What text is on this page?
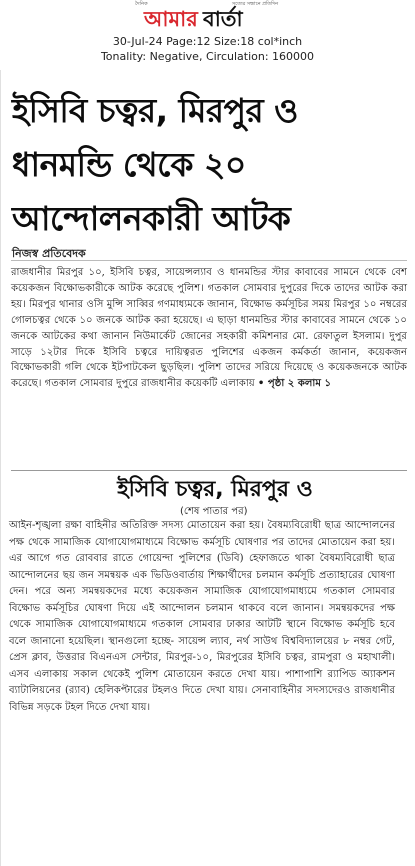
দৈনিক	সত্যের সন্ধানে প্রতিদিন
আমার বার্তা
30-Jul-24 Page:12 Size:18 col*inch
Tonality: Negative, Circulation: 160000
ইসিবি চত্বর, মিরপুর ও
ধানমন্ডি থেকে ২০
আন্দোলনকারী আটক
নিজস্ব প্রতিবেদক

রাজধানীর মিরপুর ১০, ইসিবি চত্বর, সায়েন্সল্যাব ও ধানমন্ডির স্টার কাবাবের সামনে থেকে বেশ কয়েকজন বিক্ষোভকারীকে আটক করেছে পুলিশ। গতকাল সোমবার দুপুরের দিকে তাদের আটক করা হয়। মিরপুর থানার ওসি মুন্সি সাব্বির গণমাধ্যমকে জানান, বিক্ষোভ কর্মসূচির সময় মিরপুর ১০ নম্বরের গোলচত্বর থেকে ১০ জনকে আটক করা হয়েছে। এ ছাড়া ধানমন্ডির স্টার কাবাবের সামনে থেকে ১০ জনকে আটকের কথা জানান নিউমার্কেট জোনের সহকারী কমিশনার মো. রেফাতুল ইসলাম। দুপুর সাড়ে ১২টার দিকে ইসিবি চত্বরে দায়িত্বরত পুলিশের একজন কর্মকর্তা জানান, কয়েকজন বিক্ষোভকারী গলি থেকে ইটপাটকেল ছুড়ছিল। পুলিশ তাদের সরিয়ে দিয়েছে ও কয়েকজনকে আটক করেছে। গতকাল সোমবার দুপুরে রাজধানীর কয়েকটি এলাকায় • পৃষ্ঠা ২ কলাম ১

ইসিবি চত্বর, মিরপুর ও
(শেষ পাতার পর)

আইন-শৃঙ্খলা রক্ষা বাহিনীর অতিরিক্ত সদস্য মোতায়েন করা হয়। বৈষম্যবিরোধী ছাত্র আন্দোলনের পক্ষ থেকে সামাজিক যোগাযোগমাধ্যমে বিক্ষোভ কর্মসূচি ঘোষণার পর তাদের মোতায়েন করা হয়। এর আগে গত রোববার রাতে গোয়েন্দা পুলিশের (ডিবি) হেফাজতে থাকা বৈষম্যবিরোধী ছাত্র আন্দোলনের ছয় জন সমন্বয়ক এক ভিডিওবার্তায় শিক্ষার্থীদের চলমান কর্মসূচি প্রত্যাহারের ঘোষণা দেন। পরে অন্য সমন্বয়কদের মধ্যে কয়েকজন সামাজিক যোগাযোগমাধ্যমে গতকাল সোমবার বিক্ষোভ কর্মসূচির ঘোষণা দিয়ে এই আন্দোলন চলমান থাকবে বলে জানান। সমন্বয়কদের পক্ষ থেকে সামাজিক যোগাযোগমাধ্যমে গতকাল সোমবার ঢাকার আটটি স্থানে বিক্ষোভ কর্মসূচি হবে বলে জানানো হয়েছিল। স্থানগুলো হচ্ছে- সায়েন্স ল্যাব, নর্থ সাউথ বিশ্ববিদ্যালয়ের ৮ নম্বর গেট, প্রেস ক্লাব, উত্তরার বিএনএস সেন্টার, মিরপুর-১০, মিরপুরের ইসিবি চত্বর, রামপুরা ও মহাখালী। এসব এলাকায় সকাল থেকেই পুলিশ মোতায়েন করতে দেখা যায়। পাশাপাশি র‌্যাপিড অ্যাকশন ব্যাটালিয়নের (র‌্যাব) হেলিকপ্টারের টহলও দিতে দেখা যায়। সেনাবাহিনীর সদস্যদেরও রাজধানীর বিভিন্ন সড়কে টহল দিতে দেখা যায়।
